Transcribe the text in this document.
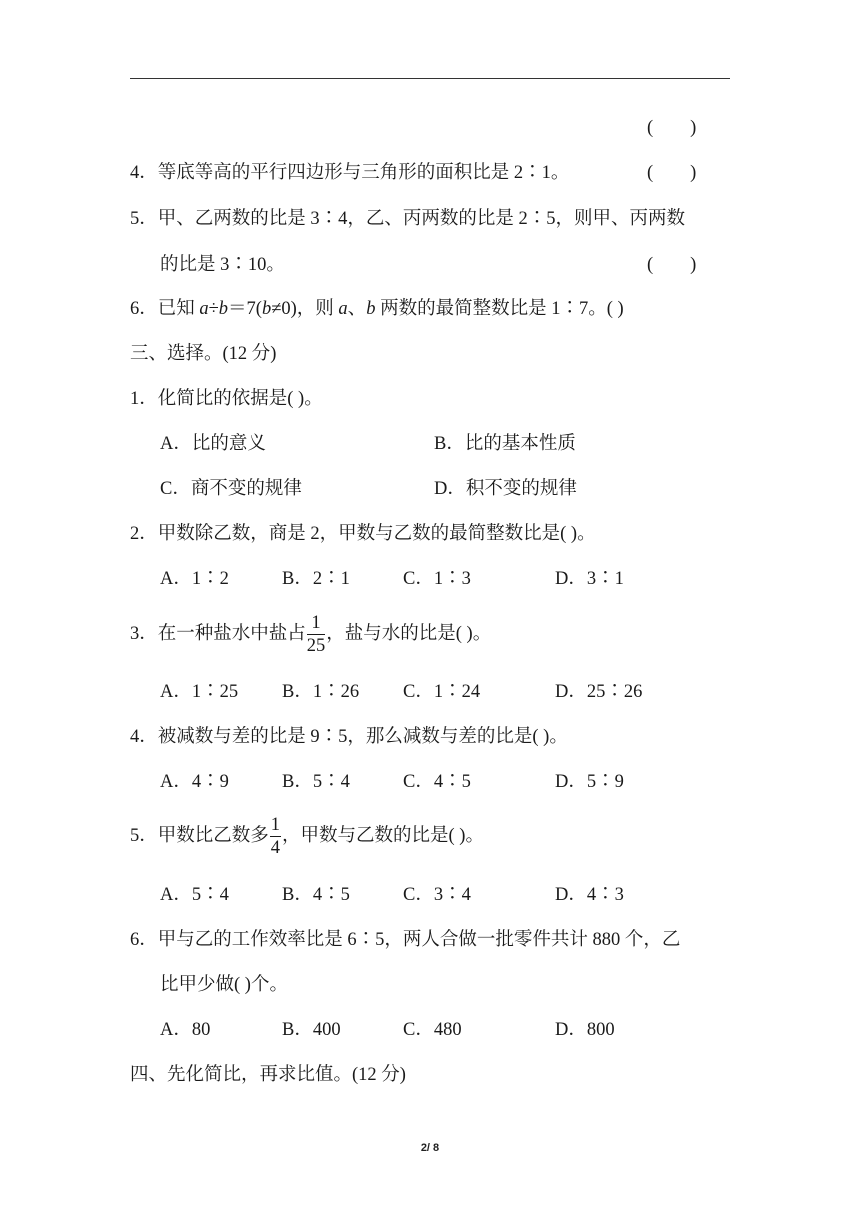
(        )
4．等底等高的平行四边形与三角形的面积比是 2∶1。	(        )
5．甲、乙两数的比是 3∶4，乙、丙两数的比是 2∶5，则甲、丙两数
的比是 3∶10。	(        )
6．已知 a÷b＝7(b≠0)，则 a、b 两数的最简整数比是 1∶7。( )
三、选择。(12 分)
1．化简比的依据是( )。
A．比的意义	B．比的基本性质
C．商不变的规律	D．积不变的规律
2．甲数除乙数，商是 2，甲数与乙数的最简整数比是( )。
A．1∶2	B．2∶1	C．1∶3	D．3∶1
3．在一种盐水中盐占 $\frac{1}{25}$ ，盐与水的比是( )。
A．1∶25 B．1∶26 C．1∶24	D．25∶26
4．被减数与差的比是 9∶5，那么减数与差的比是( )。
A．4∶9	B．5∶4	C．4∶5	D．5∶9
5．甲数比乙数多 $\frac{1}{4}$ ，甲数与乙数的比是( )。
A．5∶4	B．4∶5	C．3∶4	D．4∶3
6．甲与乙的工作效率比是 6∶5，两人合做一批零件共计 880 个，乙
比甲少做( )个。
A．80	B．400	C．480	D．800
四、先化简比，再求比值。(12 分)
2/ 8
